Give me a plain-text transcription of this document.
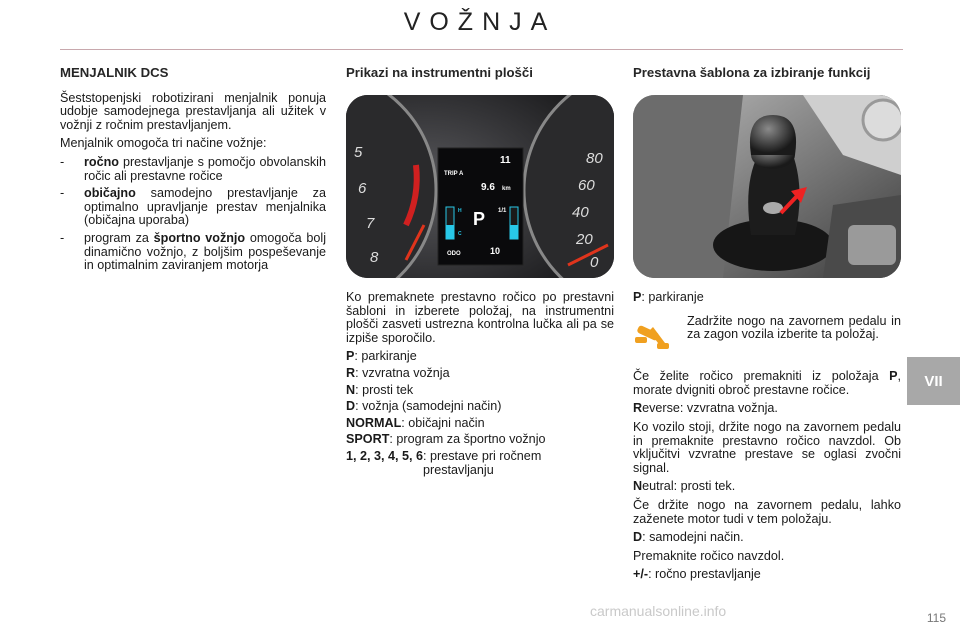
VOŽNJA
MENJALNIK DCS

Šeststopenjski robotizirani menjalnik ponuja udobje samodejnega prestavljanja ali užitek v vožnji z ročnim prestavljanjem.

Menjalnik omogoča tri načine vožnje:

-	ročno prestavljanje s pomočjo obvolanskih ročic ali prestavne ročice
-	običajno samodejno prestavljanje za optimalno upravljanje prestav menjalnika (običajna uporaba)
-	program za športno vožnjo omogoča bolj dinamično vožnjo, z boljšim pospeševanje in optimalnim zaviranjem motorja
Prikazi na instrumentni plošči
5
6
7
8
80
60
40
20
0
11
TRIP A
9.6 km
P
10
ODO
H
C
1/1

Ko premaknete prestavno ročico po prestavni šabloni in izberete položaj, na instrumentni plošči zasveti ustrezna kontrolna lučka ali pa se izpiše sporočilo.

P : parkiranje
R : vzvratna vožnja
N : prosti tek
D : vožnja (samodejni način)
NORMAL : običajni način
SPORT : program za športno vožnjo
1, 2, 3, 4, 5, 6 : prestave pri ročnem prestavljanju
Prestavna šablona za izbiranje funkcij
P : parkiranje
Zadržite nogo na zavornem pedalu in za zagon vozila izberite ta položaj.

Če želite ročico premakniti iz položaja P, morate dvigniti obroč prestavne ročice.

Reverse: vzvratna vožnja.

Ko vozilo stoji, držite nogo na zavornem pedalu in premaknite prestavno ročico navzdol. Ob vključitvi vzvratne prestave se oglasi zvočni signal.

Neutral: prosti tek.

Če držite nogo na zavornem pedalu, lahko zaženete motor tudi v tem položaju.

D: samodejni način.

Premaknite ročico navzdol.

+/-: ročno prestavljanje

VII
carmanualsonline.info	115
